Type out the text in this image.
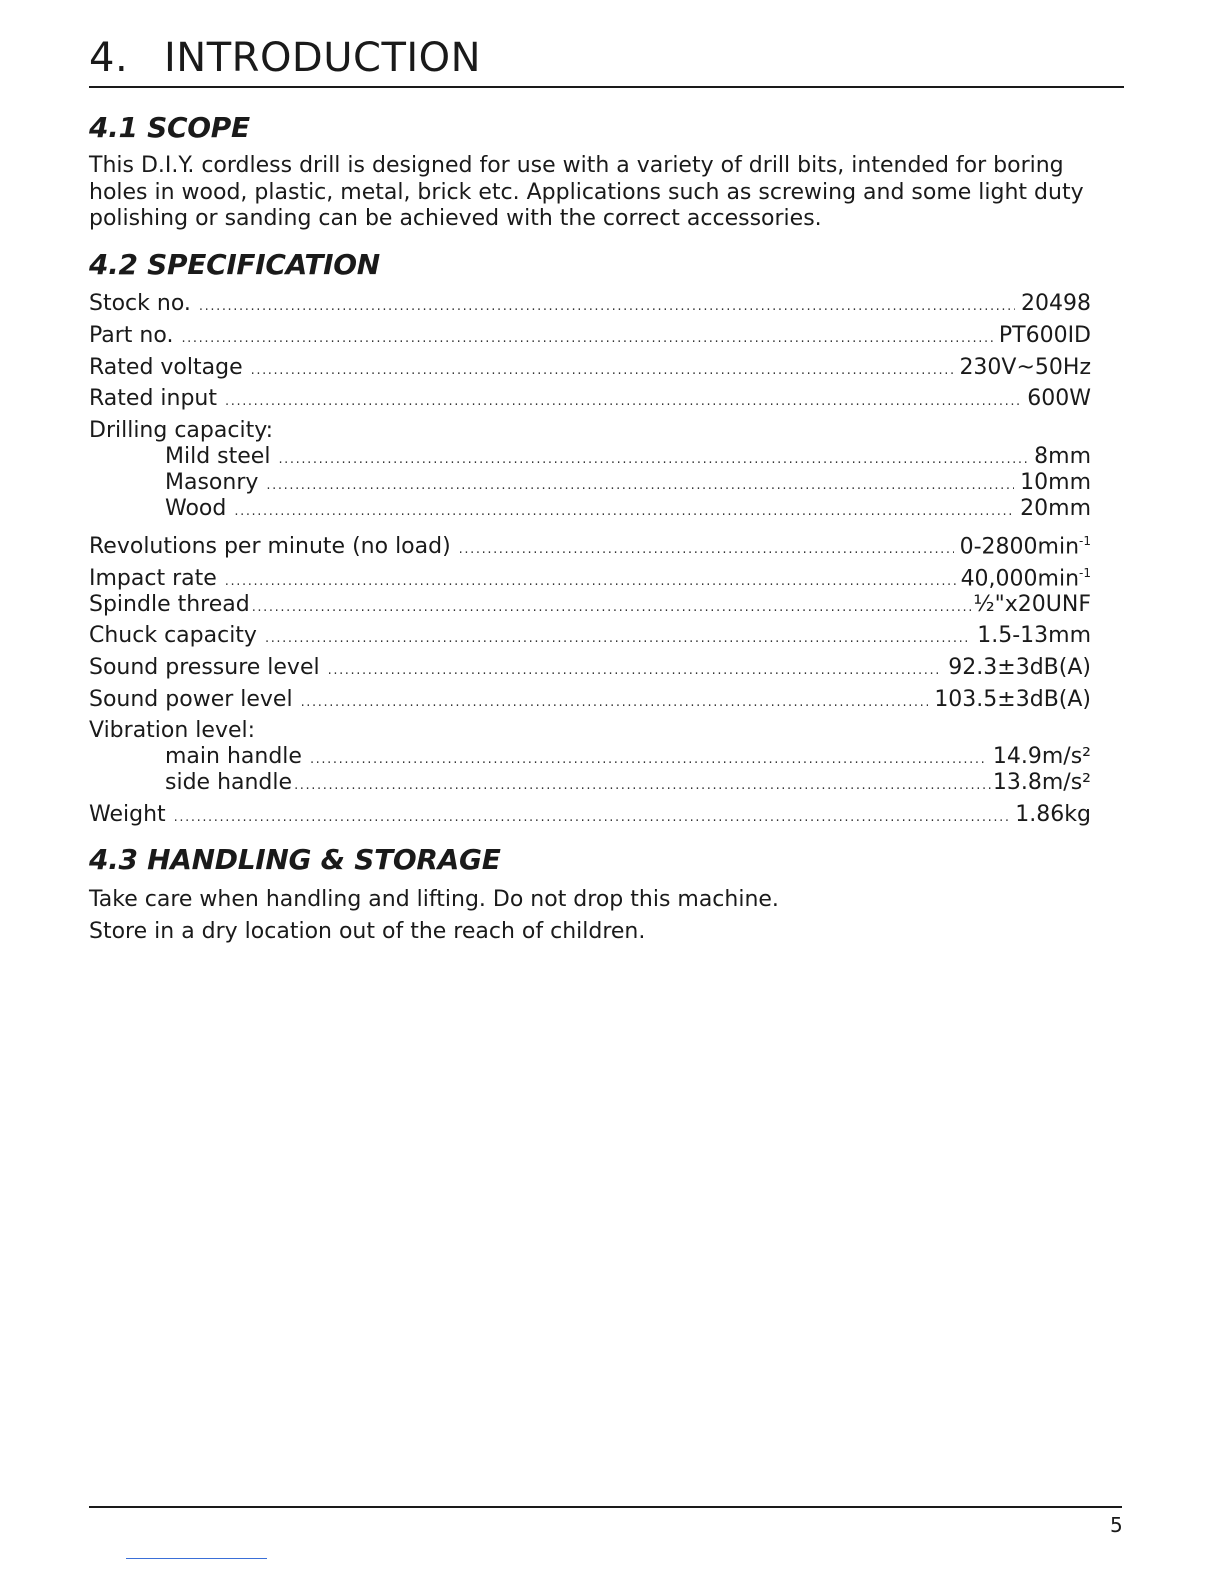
4. INTRODUCTION
4.1 SCOPE
This D.I.Y. cordless drill is designed for use with a variety of drill bits, intended for boring
holes in wood, plastic, metal, brick etc. Applications such as screwing and some light duty
polishing or sanding can be achieved with the correct accessories.
4.2 SPECIFICATION
Stock no. .....	20498
Part no. .....	PT600ID
Rated voltage .....	230V~50Hz
Rated input .....	600W
Drilling capacity:
Mild steel .....	8mm
Masonry .....	10mm
Wood .....	20mm
Revolutions per minute (no load) .....	$0-2800\min^{-1}$
Impact rate .....	$40,000\min^{-1}$
Spindle thread .....	½"x20UNF
Chuck capacity .....	1.5-13mm
Sound pressure level .....	92.3±3dB(A)
Sound power level .....	103.5±3dB(A)
Vibration level:
main handle .....	14.9m/s²
side handle .....	13.8m/s²
Weight .....	1.86kg
4.3 HANDLING & STORAGE
Take care when handling and lifting. Do not drop this machine.
Store in a dry location out of the reach of children.
5
